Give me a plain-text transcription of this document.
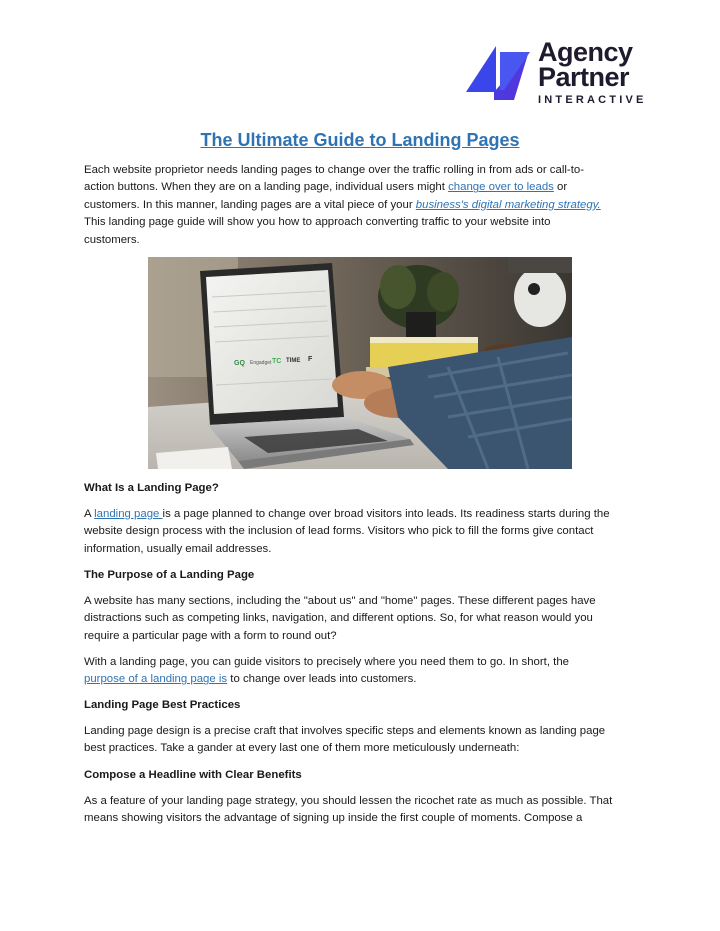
Agency
Partner
INTERACTIVE
The Ultimate Guide to Landing Pages

Each website proprietor needs landing pages to change over the traffic rolling in from ads or call-to-

action buttons. When they are on a landing page, individual users might change over to leads or

customers. In this manner, landing pages are a vital piece of your business's digital marketing strategy.

This landing page guide will show you how to approach converting traffic to your website into

customers.

GQ Engadget TC TIME F

What Is a Landing Page?

A landing page is a page planned to change over broad visitors into leads. Its readiness starts during the

website design process with the inclusion of lead forms. Visitors who pick to fill the forms give contact

information, usually email addresses.

The Purpose of a Landing Page

A website has many sections, including the "about us" and "home" pages. These different pages have

distractions such as competing links, navigation, and different options. So, for what reason would you

require a particular page with a form to round out?

With a landing page, you can guide visitors to precisely where you need them to go. In short, the

purpose of a landing page is to change over leads into customers.

Landing Page Best Practices

Landing page design is a precise craft that involves specific steps and elements known as landing page

best practices. Take a gander at every last one of them more meticulously underneath:

Compose a Headline with Clear Benefits

As a feature of your landing page strategy, you should lessen the ricochet rate as much as possible. That

means showing visitors the advantage of signing up inside the first couple of moments. Compose a
